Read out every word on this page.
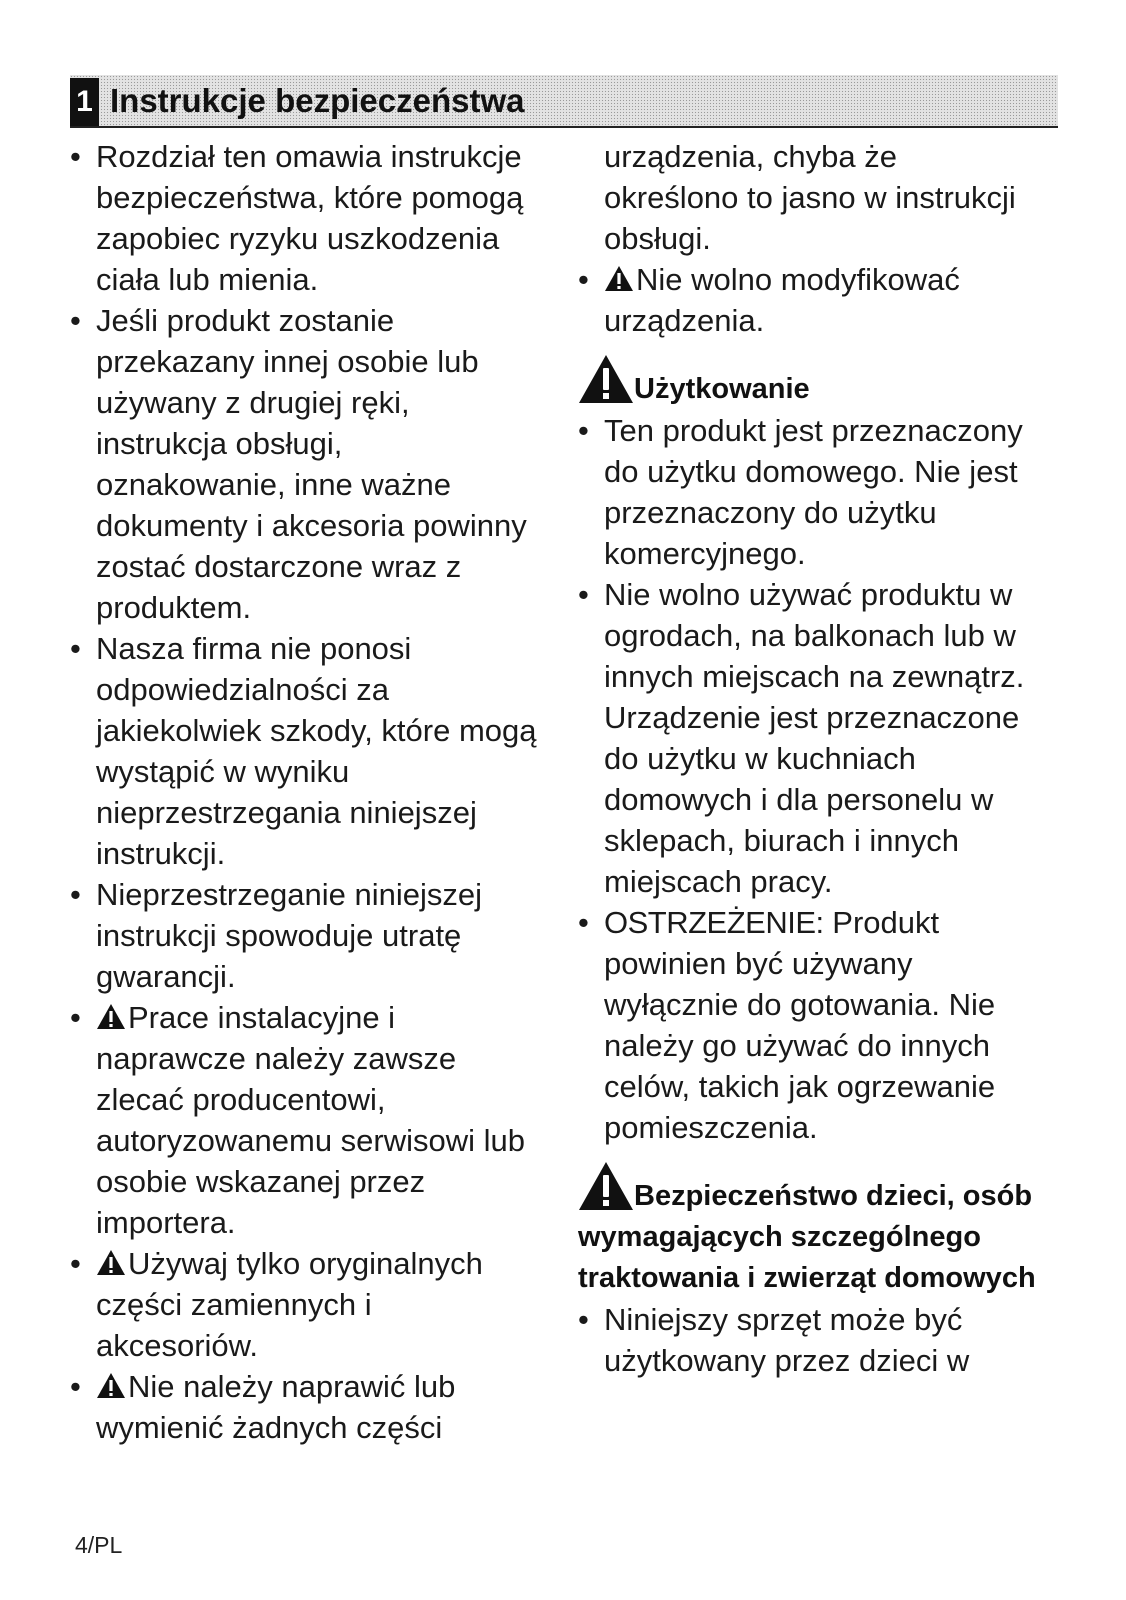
1 Instrukcje bezpieczeństwa
• Rozdział ten omawia instrukcje bezpieczeństwa, które pomogą zapobiec ryzyku uszkodzenia ciała lub mienia.
• Jeśli produkt zostanie przekazany innej osobie lub używany z drugiej ręki, instrukcja obsługi, oznakowanie, inne ważne dokumenty i akcesoria powinny zostać dostarczone wraz z produktem.
• Nasza firma nie ponosi odpowiedzialności za jakiekolwiek szkody, które mogą wystąpić w wyniku nieprzestrzegania niniejszej instrukcji.
• Nieprzestrzeganie niniejszej instrukcji spowoduje utratę gwarancji.
• Prace instalacyjne i naprawcze należy zawsze zlecać producentowi, autoryzowanemu serwisowi lub osobie wskazanej przez importera.
• Używaj tylko oryginalnych części zamiennych i akcesoriów.
• Nie należy naprawić lub wymienić żadnych części
urządzenia, chyba że określono to jasno w instrukcji obsługi.
• Nie wolno modyfikować urządzenia.
Użytkowanie
• Ten produkt jest przeznaczony do użytku domowego. Nie jest przeznaczony do użytku komercyjnego.
• Nie wolno używać produktu w ogrodach, na balkonach lub w innych miejscach na zewnątrz. Urządzenie jest przeznaczone do użytku w kuchniach domowych i dla personelu w sklepach, biurach i innych miejscach pracy.
• OSTRZEŻENIE: Produkt powinien być używany wyłącznie do gotowania. Nie należy go używać do innych celów, takich jak ogrzewanie pomieszczenia.
Bezpieczeństwo dzieci, osób wymagających szczególnego traktowania i zwierząt domowych
• Niniejszy sprzęt może być użytkowany przez dzieci w
4/PL
